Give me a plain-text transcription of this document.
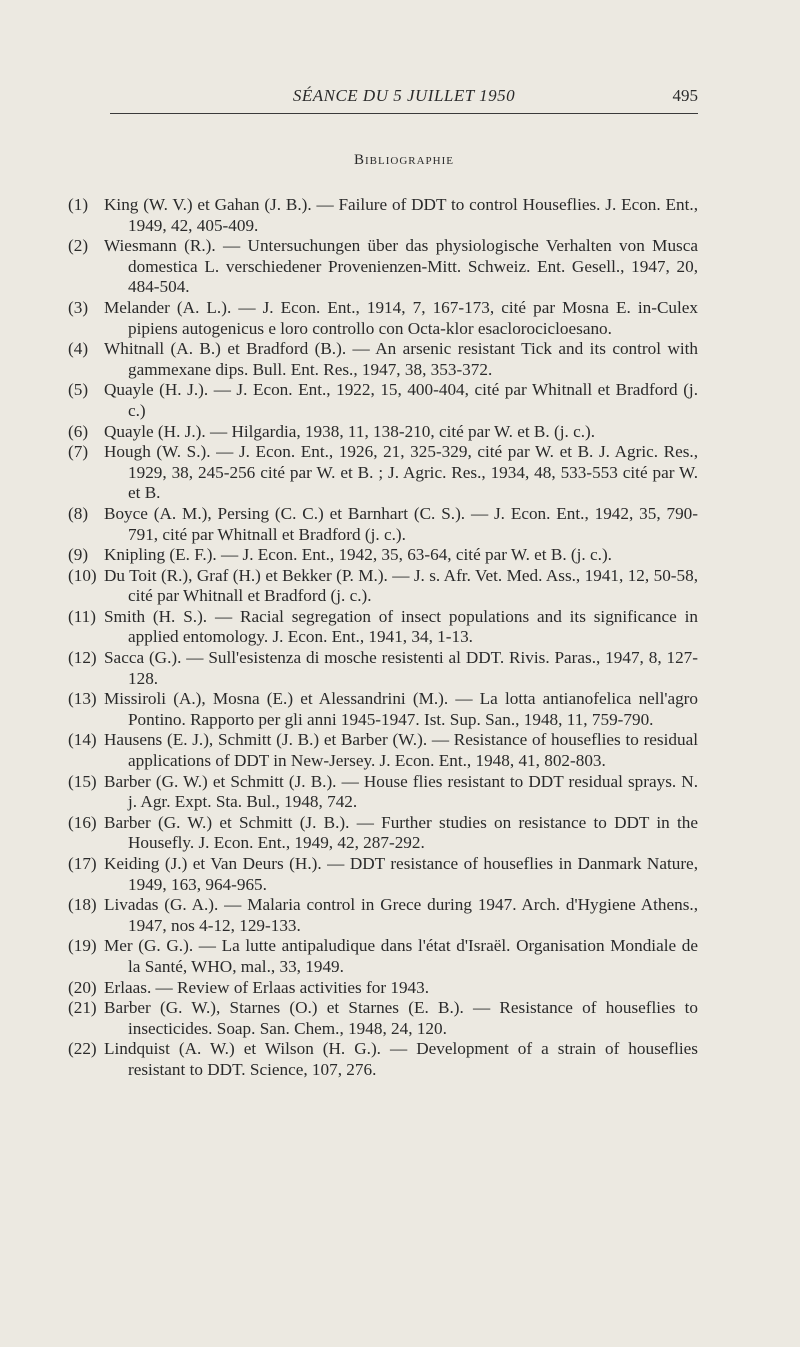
SÉANCE DU 5 JUILLET 1950	495
Bibliographie
(1) King (W. V.) et Gahan (J. B.). — Failure of DDT to control Houseflies. J. Econ. Ent., 1949, 42, 405-409.
(2) Wiesmann (R.). — Untersuchungen über das physiologische Verhalten von Musca domestica L. verschiedener Provenienzen-Mitt. Schweiz. Ent. Gesell., 1947, 20, 484-504.
(3) Melander (A. L.). — J. Econ. Ent., 1914, 7, 167-173, cité par Mosna E. in-Culex pipiens autogenicus e loro controllo con Octa-klor esaclorocicloesano.
(4) Whitnall (A. B.) et Bradford (B.). — An arsenic resistant Tick and its control with gammexane dips. Bull. Ent. Res., 1947, 38, 353-372.
(5) Quayle (H. J.). — J. Econ. Ent., 1922, 15, 400-404, cité par Whitnall et Bradford (j. c.)
(6) Quayle (H. J.). — Hilgardia, 1938, 11, 138-210, cité par W. et B. (j. c.).
(7) Hough (W. S.). — J. Econ. Ent., 1926, 21, 325-329, cité par W. et B. J. Agric. Res., 1929, 38, 245-256 cité par W. et B. ; J. Agric. Res., 1934, 48, 533-553 cité par W. et B.
(8) Boyce (A. M.), Persing (C. C.) et Barnhart (C. S.). — J. Econ. Ent., 1942, 35, 790-791, cité par Whitnall et Bradford (j. c.).
(9) Knipling (E. F.). — J. Econ. Ent., 1942, 35, 63-64, cité par W. et B. (j. c.).
(10) Du Toit (R.), Graf (H.) et Bekker (P. M.). — J. s. Afr. Vet. Med. Ass., 1941, 12, 50-58, cité par Whitnall et Bradford (j. c.).
(11) Smith (H. S.). — Racial segregation of insect populations and its significance in applied entomology. J. Econ. Ent., 1941, 34, 1-13.
(12) Sacca (G.). — Sull'esistenza di mosche resistenti al DDT. Rivis. Paras., 1947, 8, 127-128.
(13) Missiroli (A.), Mosna (E.) et Alessandrini (M.). — La lotta antianofelica nell'agro Pontino. Rapporto per gli anni 1945-1947. Ist. Sup. San., 1948, 11, 759-790.
(14) Hausens (E. J.), Schmitt (J. B.) et Barber (W.). — Resistance of houseflies to residual applications of DDT in New-Jersey. J. Econ. Ent., 1948, 41, 802-803.
(15) Barber (G. W.) et Schmitt (J. B.). — House flies resistant to DDT residual sprays. N. j. Agr. Expt. Sta. Bul., 1948, 742.
(16) Barber (G. W.) et Schmitt (J. B.). — Further studies on resistance to DDT in the Housefly. J. Econ. Ent., 1949, 42, 287-292.
(17) Keiding (J.) et Van Deurs (H.). — DDT resistance of houseflies in Danmark Nature, 1949, 163, 964-965.
(18) Livadas (G. A.). — Malaria control in Grece during 1947. Arch. d'Hygiene Athens., 1947, nos 4-12, 129-133.
(19) Mer (G. G.). — La lutte antipaludique dans l'état d'Israël. Organisation Mondiale de la Santé, WHO, mal., 33, 1949.
(20) Erlaas. — Review of Erlaas activities for 1943.
(21) Barber (G. W.), Starnes (O.) et Starnes (E. B.). — Resistance of houseflies to insecticides. Soap. San. Chem., 1948, 24, 120.
(22) Lindquist (A. W.) et Wilson (H. G.). — Development of a strain of houseflies resistant to DDT. Science, 107, 276.
